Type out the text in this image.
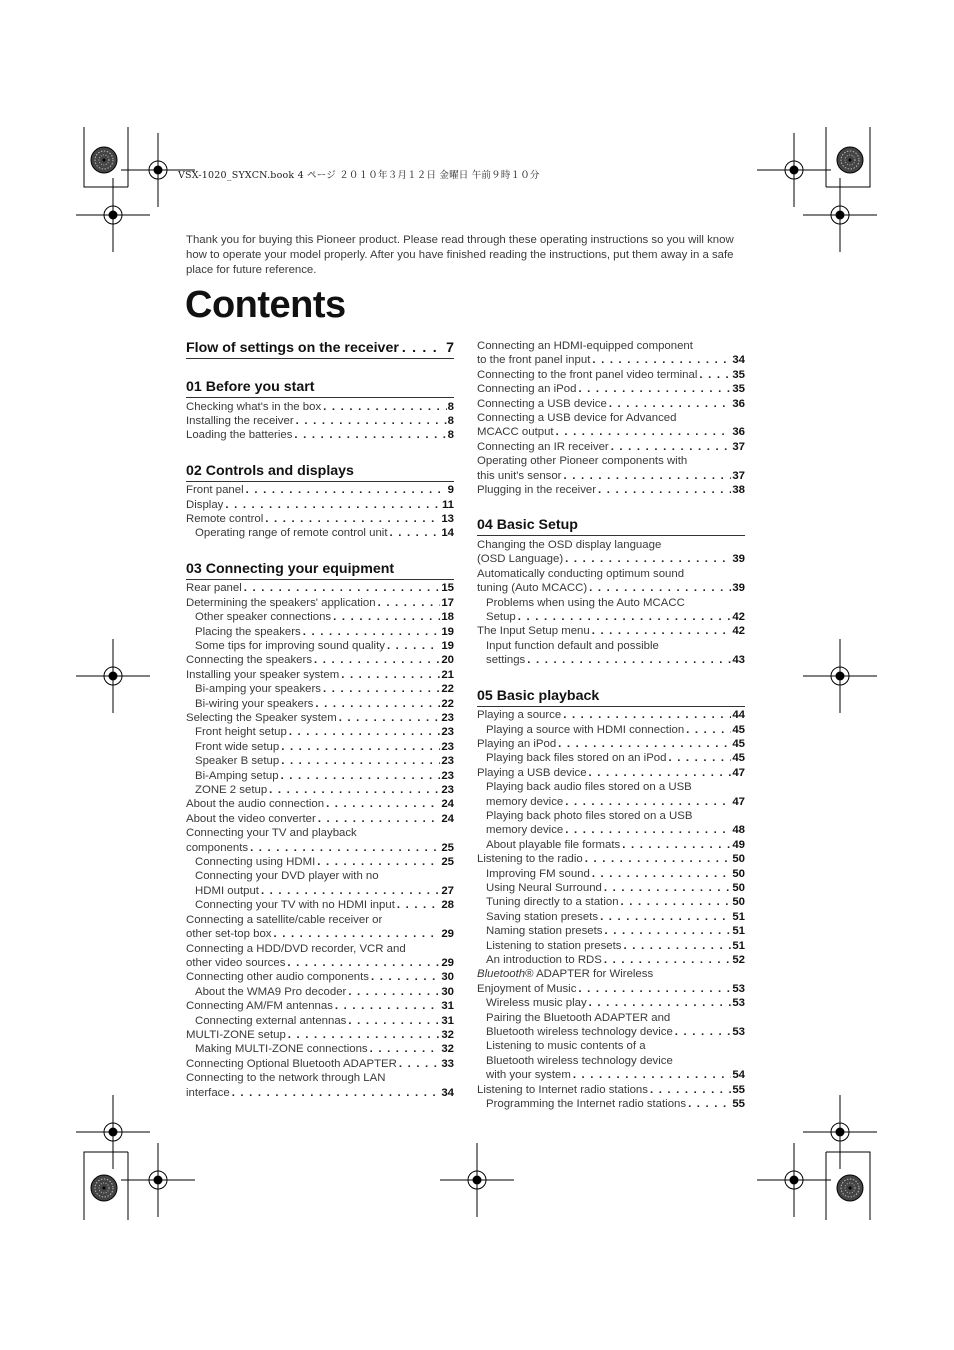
VSX-1020_SYXCN.book 4 ページ ２０１０年３月１２日 金曜日 午前９時１０分

Thank you for buying this Pioneer product. Please read through these operating instructions so you will know how to operate your model properly. After you have finished reading the instructions, put them away in a safe place for future reference.

Contents
Flow of settings on the receiver . . .	7
01 Before you start
Checking what's in the box . . .	8
Installing the receiver . . .	8
Loading the batteries . . .	8
02 Controls and displays
Front panel . . .	9
Display . . .	11
Remote control . . .	13
Operating range of remote control unit . . .	14
03 Connecting your equipment
Rear panel . . .	15
Determining the speakers' application . . .	17
Other speaker connections . . .	18
Placing the speakers . . .	19
Some tips for improving sound quality . . .	19
Connecting the speakers . . .	20
Installing your speaker system . . .	21
Bi-amping your speakers . . .	22
Bi-wiring your speakers . . .	22
Selecting the Speaker system . . .	23
Front height setup . . .	23
Front wide setup . . .	23
Speaker B setup . . .	23
Bi-Amping setup . . .	23
ZONE 2 setup . . .	23
About the audio connection . . .	24
About the video converter . . .	24
Connecting your TV and playback
components . . .	25
Connecting using HDMI . . .	25
Connecting your DVD player with no
HDMI output . . .	27
Connecting your TV with no HDMI input . . .	28
Connecting a satellite/cable receiver or
other set-top box . . .	29
Connecting a HDD/DVD recorder, VCR and
other video sources . . .	29
Connecting other audio components . . .	30
About the WMA9 Pro decoder . . .	30
Connecting AM/FM antennas . . .	31
Connecting external antennas . . .	31
MULTI-ZONE setup . . .	32
Making MULTI-ZONE connections . . .	32
Connecting Optional Bluetooth ADAPTER . . .	33
Connecting to the network through LAN
interface . . .	34
Connecting an HDMI-equipped component
to the front panel input . . .	34
Connecting to the front panel video terminal . . .	35
Connecting an iPod . . .	35
Connecting a USB device . . .	36
Connecting a USB device for Advanced
MCACC output . . .	36
Connecting an IR receiver . . .	37
Operating other Pioneer components with
this unit's sensor . . .	37
Plugging in the receiver . . .	38
04 Basic Setup
Changing the OSD display language
(OSD Language) . . .	39
Automatically conducting optimum sound
tuning (Auto MCACC) . . .	39
Problems when using the Auto MCACC
Setup . . .	42
The Input Setup menu . . .	42
Input function default and possible
settings . . .	43
05 Basic playback
Playing a source . . .	44
Playing a source with HDMI connection . . .	45
Playing an iPod . . .	45
Playing back files stored on an iPod . . .	45
Playing a USB device . . .	47
Playing back audio files stored on a USB
memory device . . .	47
Playing back photo files stored on a USB
memory device . . .	48
About playable file formats . . .	49
Listening to the radio . . .	50
Improving FM sound . . .	50
Using Neural Surround . . .	50
Tuning directly to a station . . .	50
Saving station presets . . .	51
Naming station presets . . .	51
Listening to station presets . . .	51
An introduction to RDS . . .	52
Bluetooth® ADAPTER for Wireless
Enjoyment of Music . . .	53
Wireless music play . . .	53
Pairing the Bluetooth ADAPTER and
Bluetooth wireless technology device . . .	53
Listening to music contents of a
Bluetooth wireless technology device
with your system . . .	54
Listening to Internet radio stations . . .	55
Programming the Internet radio stations . . .	55
